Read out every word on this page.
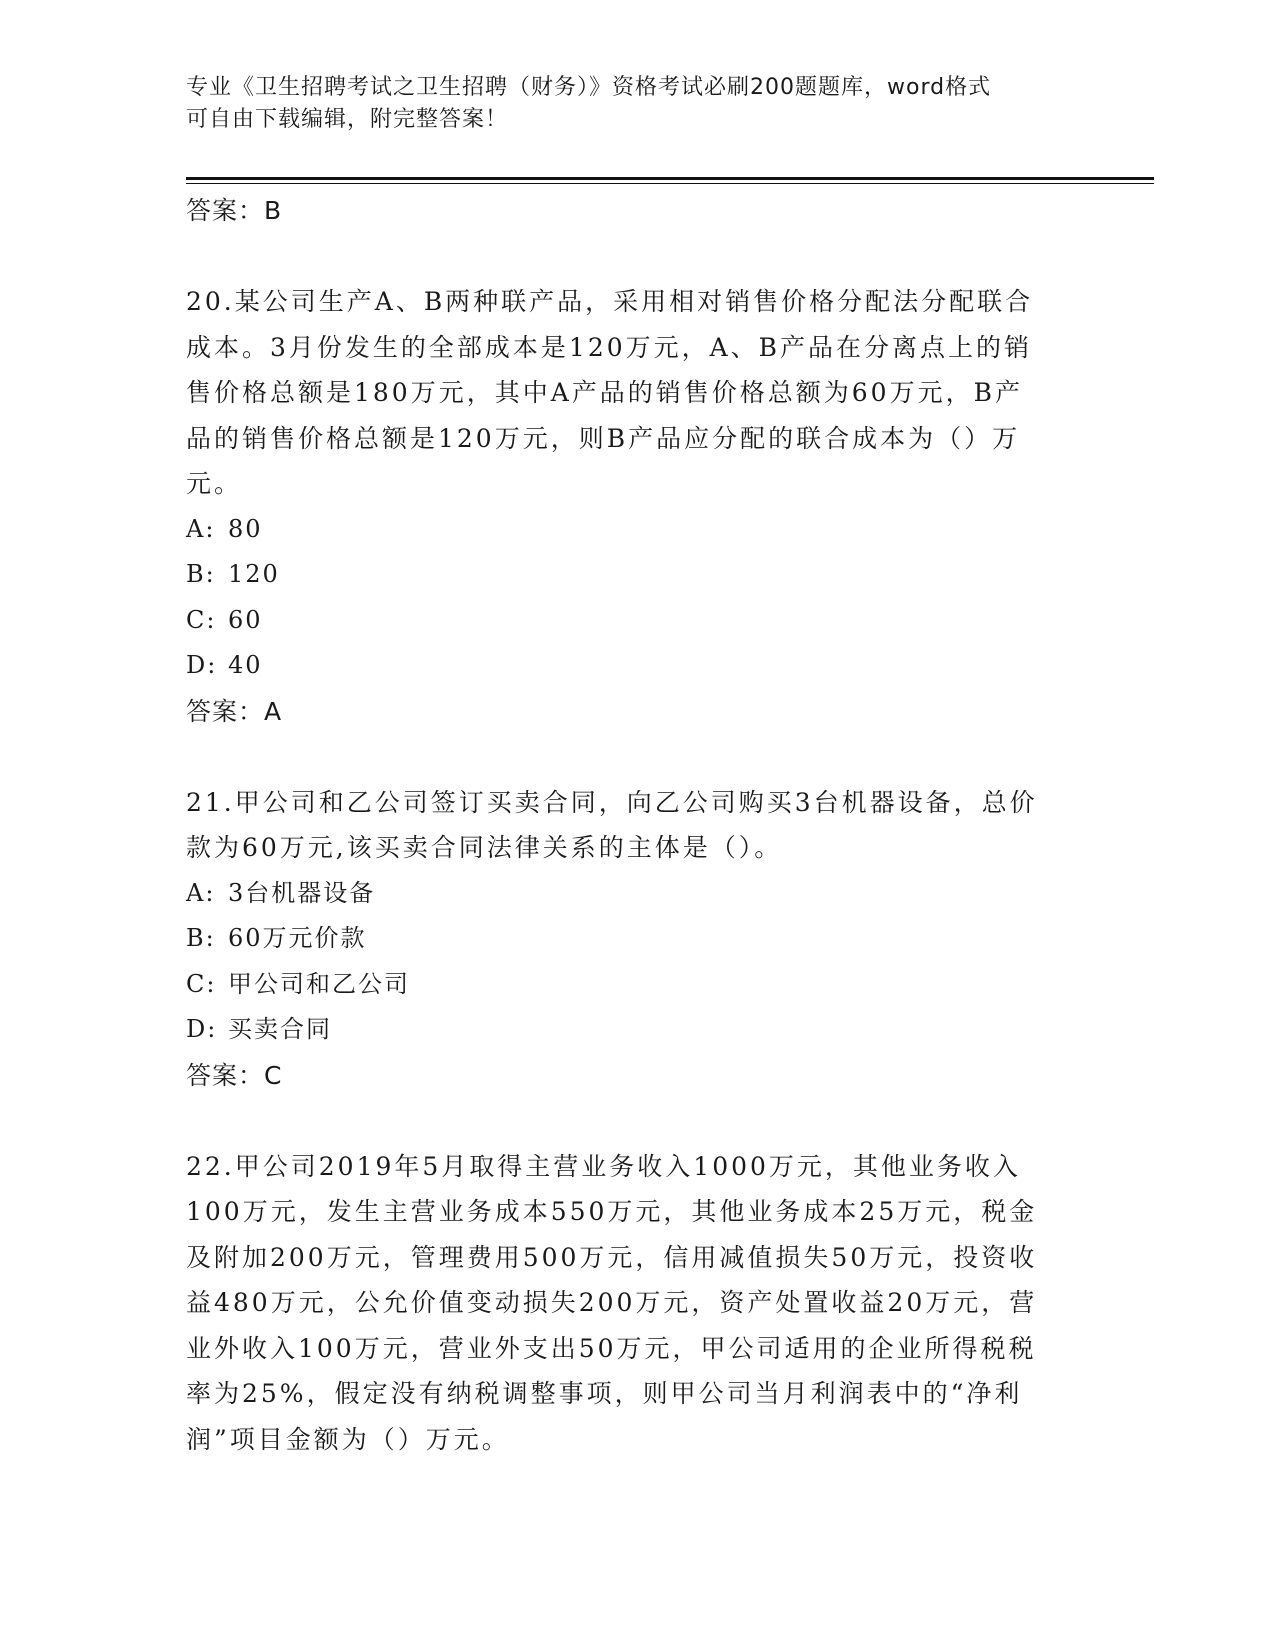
专业《卫生招聘考试之卫生招聘（财务）》资格考试必刷200题题库，word格式
可自由下载编辑，附完整答案！

答案：B

20.某公司生产A、B两种联产品，采用相对销售价格分配法分配联合

成本。3月份发生的全部成本是120万元，A、B产品在分离点上的销

售价格总额是180万元，其中A产品的销售价格总额为60万元，B产

品的销售价格总额是120万元，则B产品应分配的联合成本为（）万

元。

A: 80

B: 120

C: 60

D: 40

答案：A

21.甲公司和乙公司签订买卖合同，向乙公司购买3台机器设备，总价

款为60万元,该买卖合同法律关系的主体是（）。

A: 3台机器设备

B: 60万元价款

C: 甲公司和乙公司

D: 买卖合同

答案：C

22.甲公司2019年5月取得主营业务收入1000万元，其他业务收入

100万元，发生主营业务成本550万元，其他业务成本25万元，税金

及附加200万元，管理费用500万元，信用减值损失50万元，投资收

益480万元，公允价值变动损失200万元，资产处置收益20万元，营

业外收入100万元，营业外支出50万元，甲公司适用的企业所得税税

率为25%，假定没有纳税调整事项，则甲公司当月利润表中的“净利

润”项目金额为（）万元。
